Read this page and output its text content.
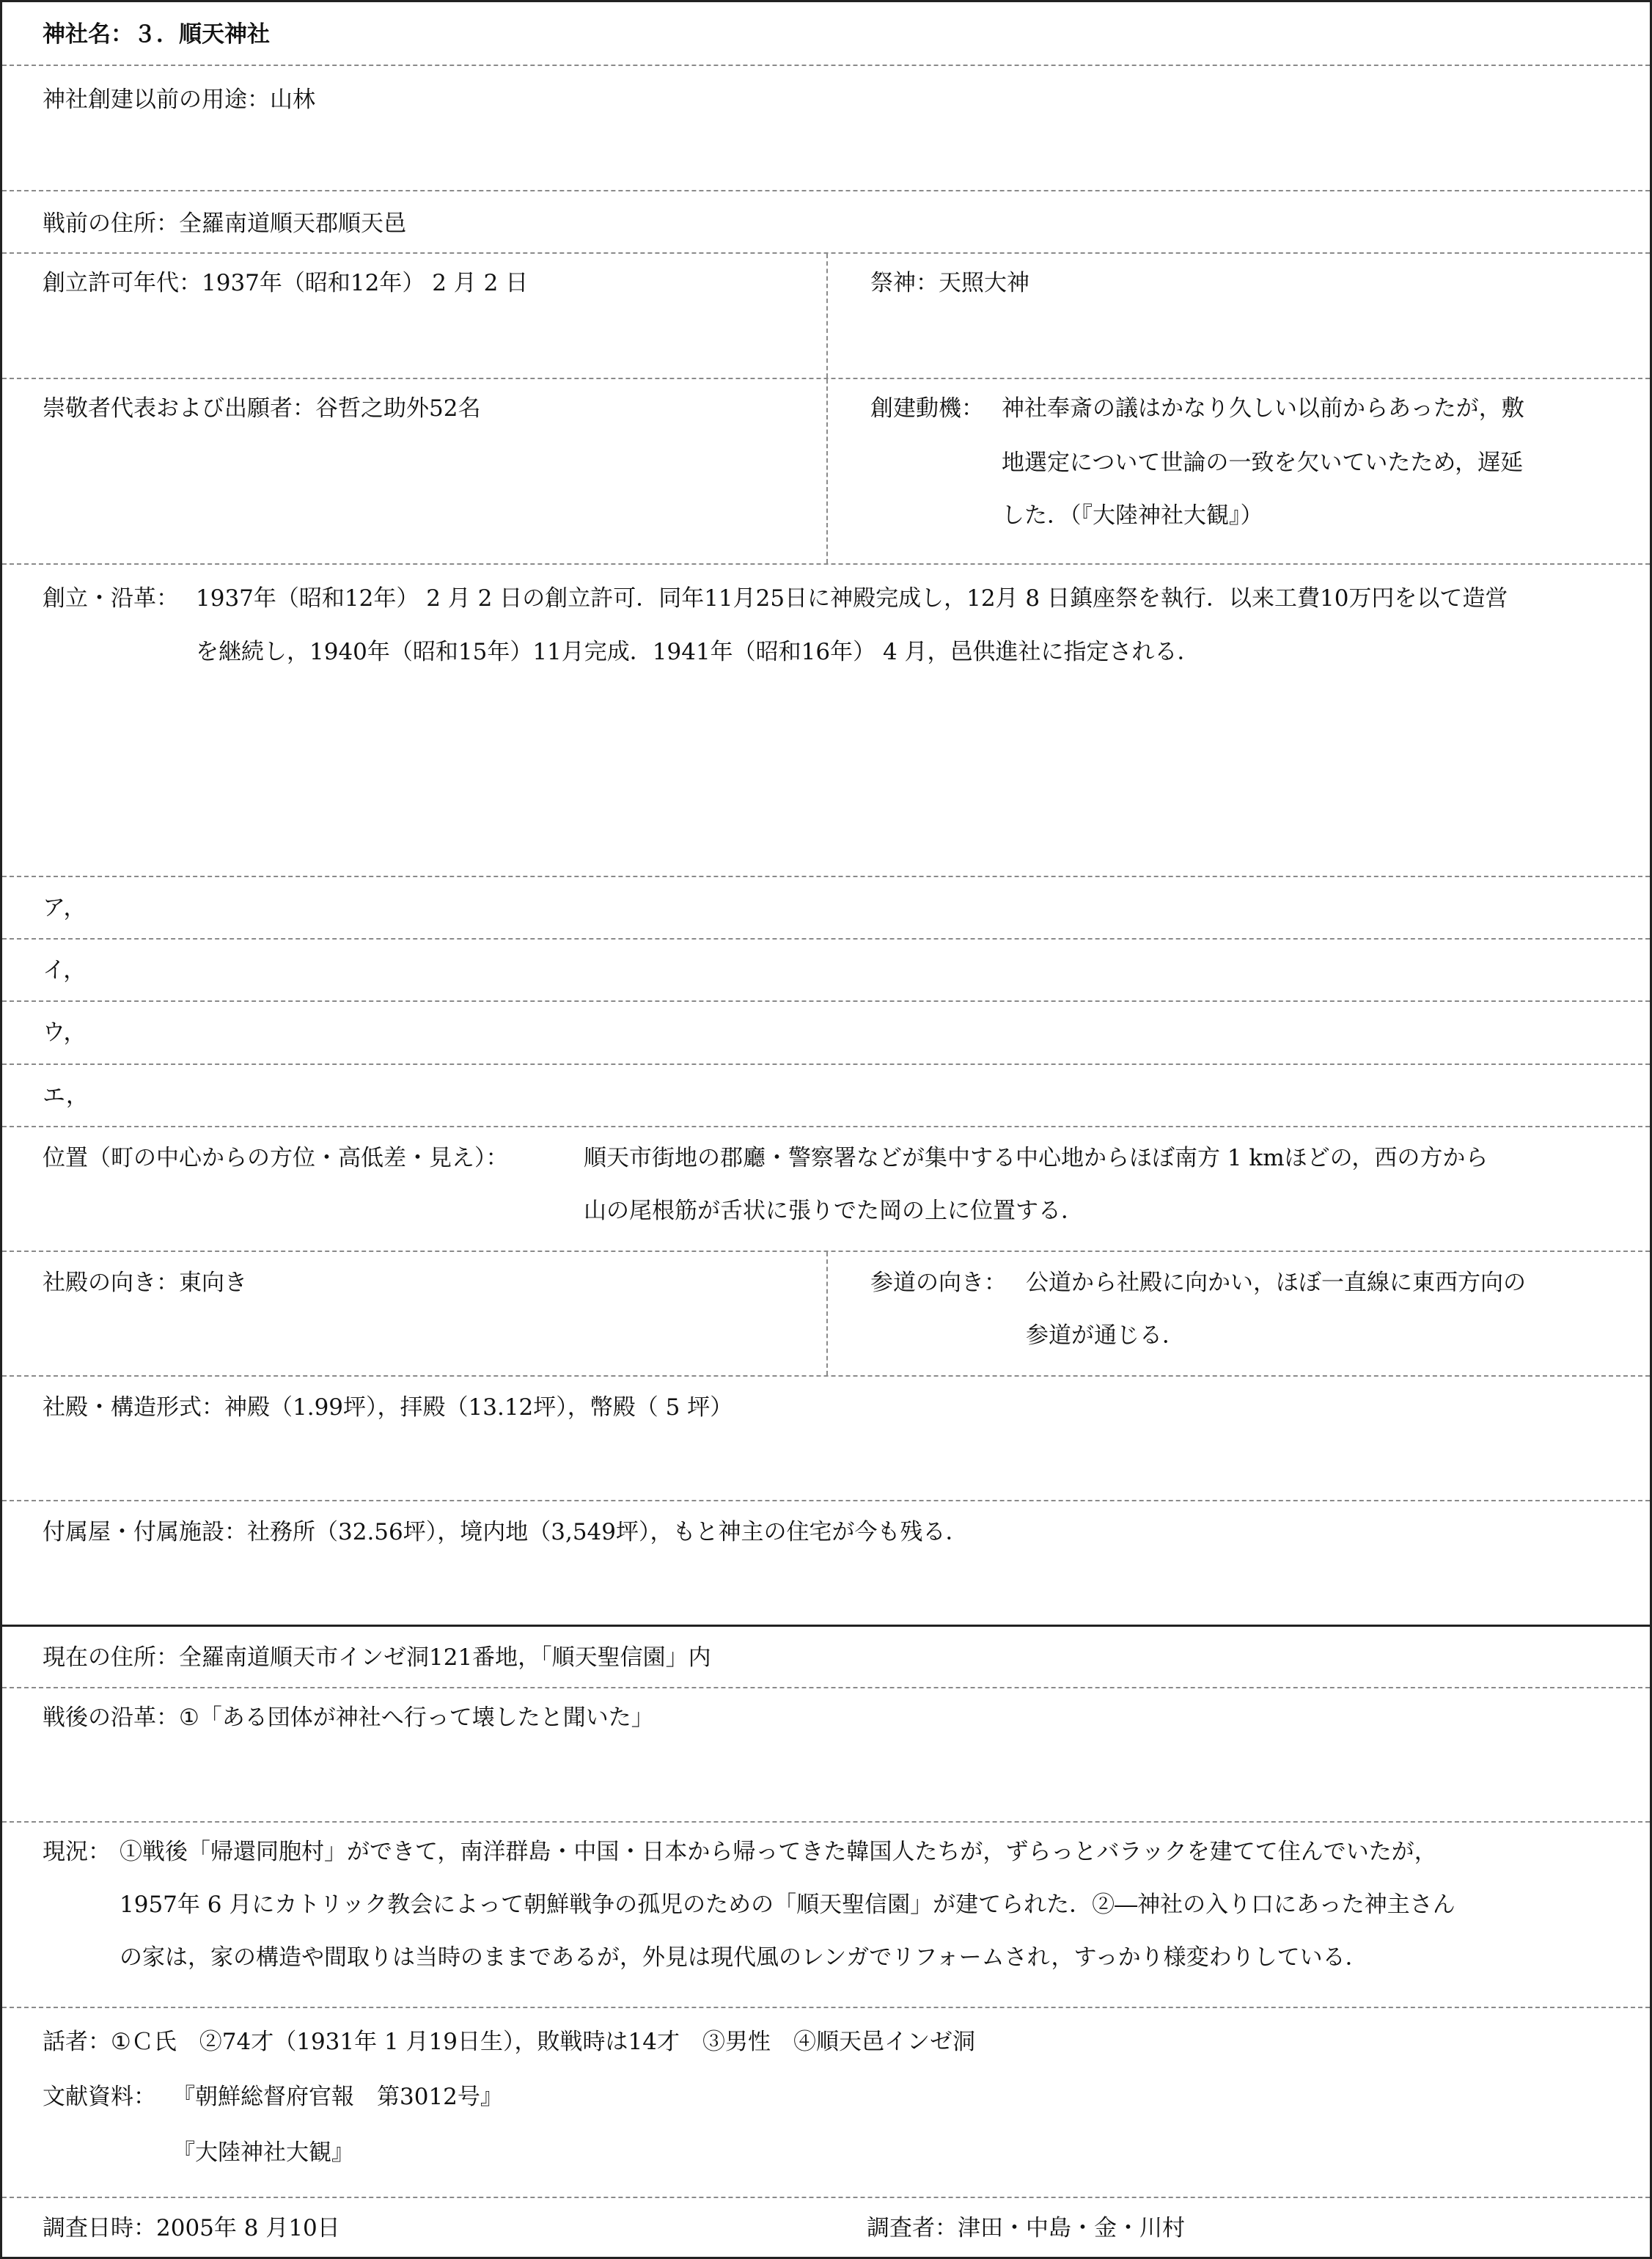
神社名：３．順天神社
神社創建以前の用途：山林
戦前の住所：全羅南道順天郡順天邑
創立許可年代：1937年（昭和12年） 2 月 2 日	祭神：天照大神
崇敬者代表および出願者：谷哲之助外52名	創建動機： 神社奉斎の議はかなり久しい以前からあったが，敷
地選定について世論の一致を欠いていたため，遅延
した．（『大陸神社大観』）
創立・沿革： 1937年（昭和12年） 2 月 2 日の創立許可．同年11月25日に神殿完成し，12月 8 日鎮座祭を執行．以来工費10万円を以て造営
を継続し，1940年（昭和15年）11月完成．1941年（昭和16年） 4 月，邑供進社に指定される．
ア，
イ，
ウ，
エ，
位置（町の中心からの方位・高低差・見え）：	順天市街地の郡廳・警察署などが集中する中心地からほぼ南方 1 kmほどの，西の方から
山の尾根筋が舌状に張りでた岡の上に位置する．
社殿の向き：東向き	参道の向き： 公道から社殿に向かい，ほぼ一直線に東西方向の
参道が通じる．
社殿・構造形式：神殿（1.99坪），拝殿（13.12坪），幣殿（ 5 坪）
付属屋・付属施設：社務所（32.56坪），境内地（3,549坪），もと神主の住宅が今も残る．
現在の住所：全羅南道順天市インゼ洞121番地，「順天聖信園」内
戦後の沿革：①「ある団体が神社へ行って壊したと聞いた」
現況： ①戦後「帰還同胞村」ができて，南洋群島・中国・日本から帰ってきた韓国人たちが，ずらっとバラックを建てて住んでいたが，
1957年 6 月にカトリック教会によって朝鮮戦争の孤児のための「順天聖信園」が建てられた．②―神社の入り口にあった神主さん
の家は，家の構造や間取りは当時のままであるが，外見は現代風のレンガでリフォームされ，すっかり様変わりしている．
話者：①Ｃ氏　②74才（1931年 1 月19日生），敗戦時は14才　③男性　④順天邑インゼ洞
文献資料： 『朝鮮総督府官報　第3012号』
『大陸神社大観』
調査日時：2005年 8 月10日	調査者：津田・中島・金・川村
